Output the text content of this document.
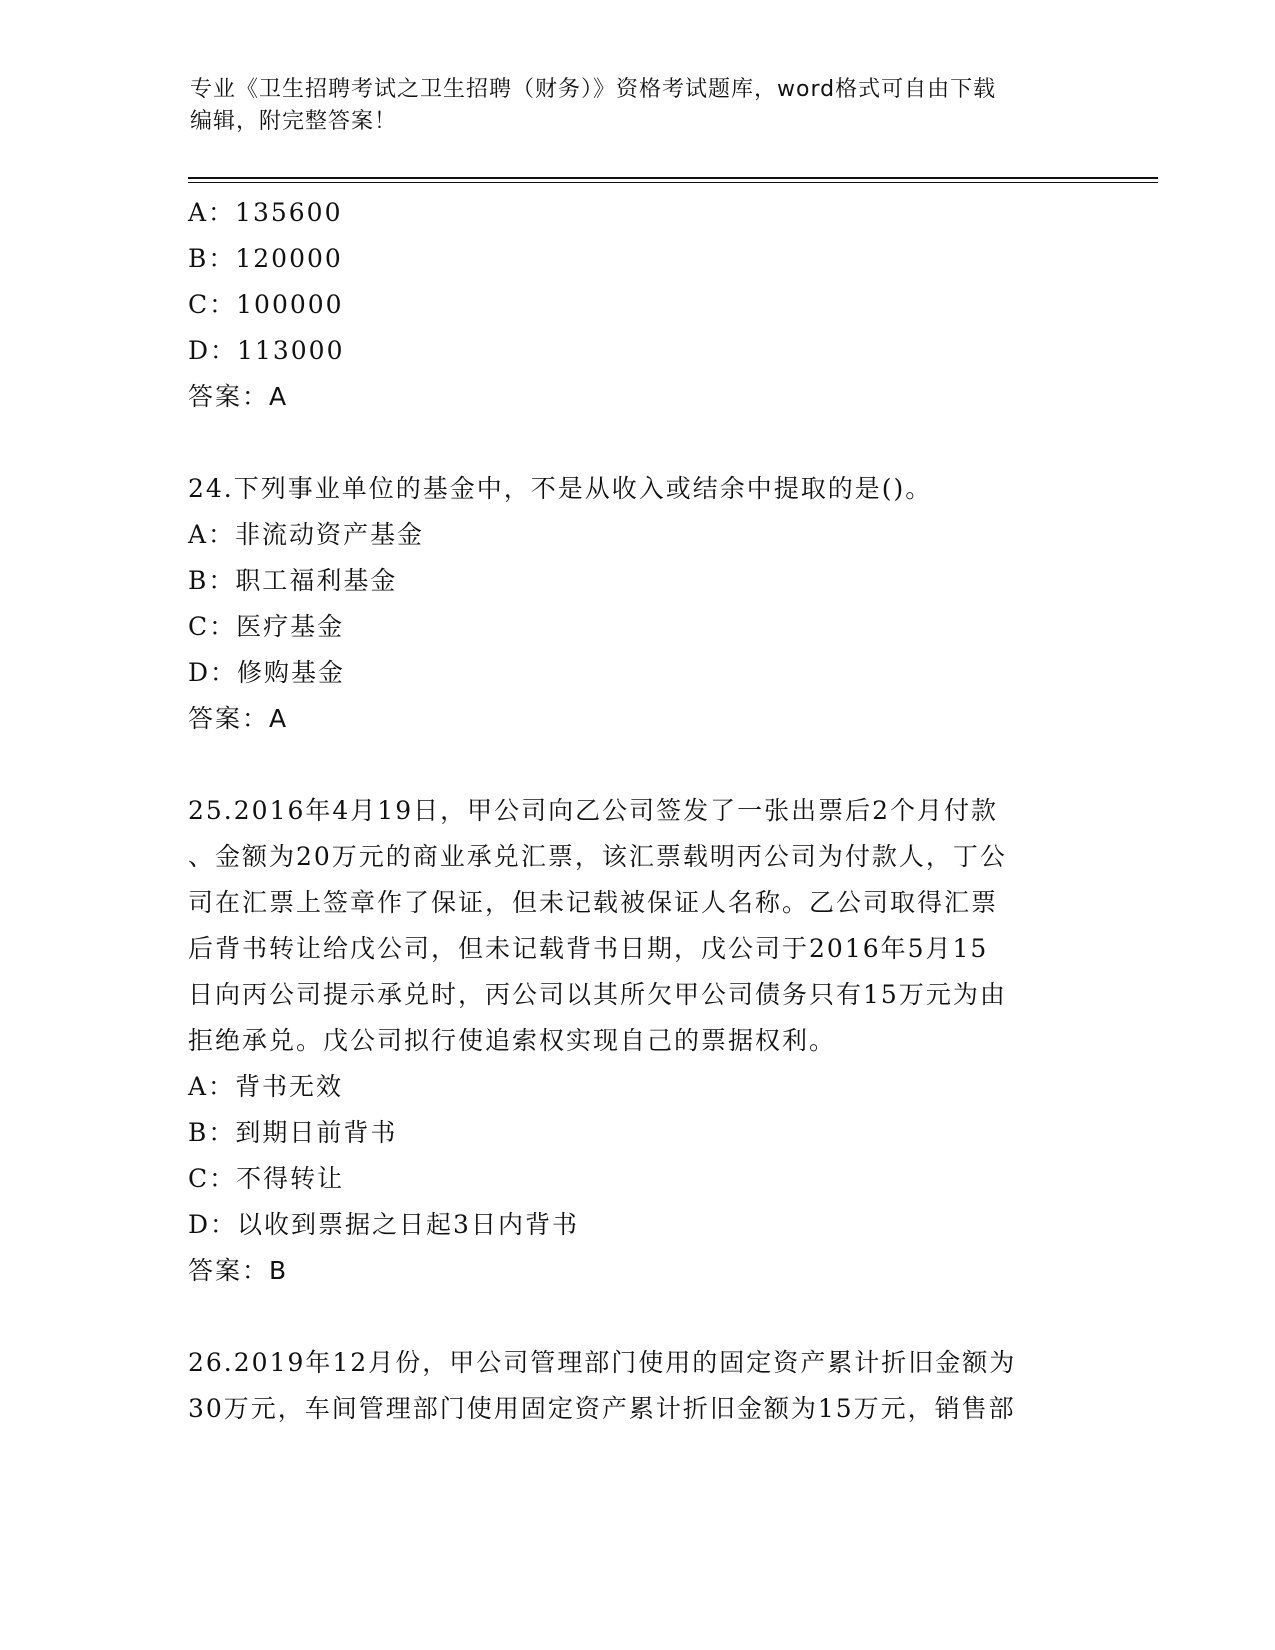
专业《卫生招聘考试之卫生招聘（财务）》资格考试题库，word格式可自由下载
编辑，附完整答案！
A：135600
B：120000
C：100000
D：113000
答案：A
24.下列事业单位的基金中，不是从收入或结余中提取的是()。
A：非流动资产基金
B：职工福利基金
C：医疗基金
D：修购基金
答案：A
25.2016年4月19日，甲公司向乙公司签发了一张出票后2个月付款
、金额为20万元的商业承兑汇票，该汇票载明丙公司为付款人，丁公
司在汇票上签章作了保证，但未记载被保证人名称。乙公司取得汇票
后背书转让给戊公司，但未记载背书日期，戊公司于2016年5月15
日向丙公司提示承兑时，丙公司以其所欠甲公司债务只有15万元为由
拒绝承兑。戊公司拟行使追索权实现自己的票据权利。
A：背书无效
B：到期日前背书
C：不得转让
D：以收到票据之日起3日内背书
答案：B
26.2019年12月份，甲公司管理部门使用的固定资产累计折旧金额为
30万元，车间管理部门使用固定资产累计折旧金额为15万元，销售部
